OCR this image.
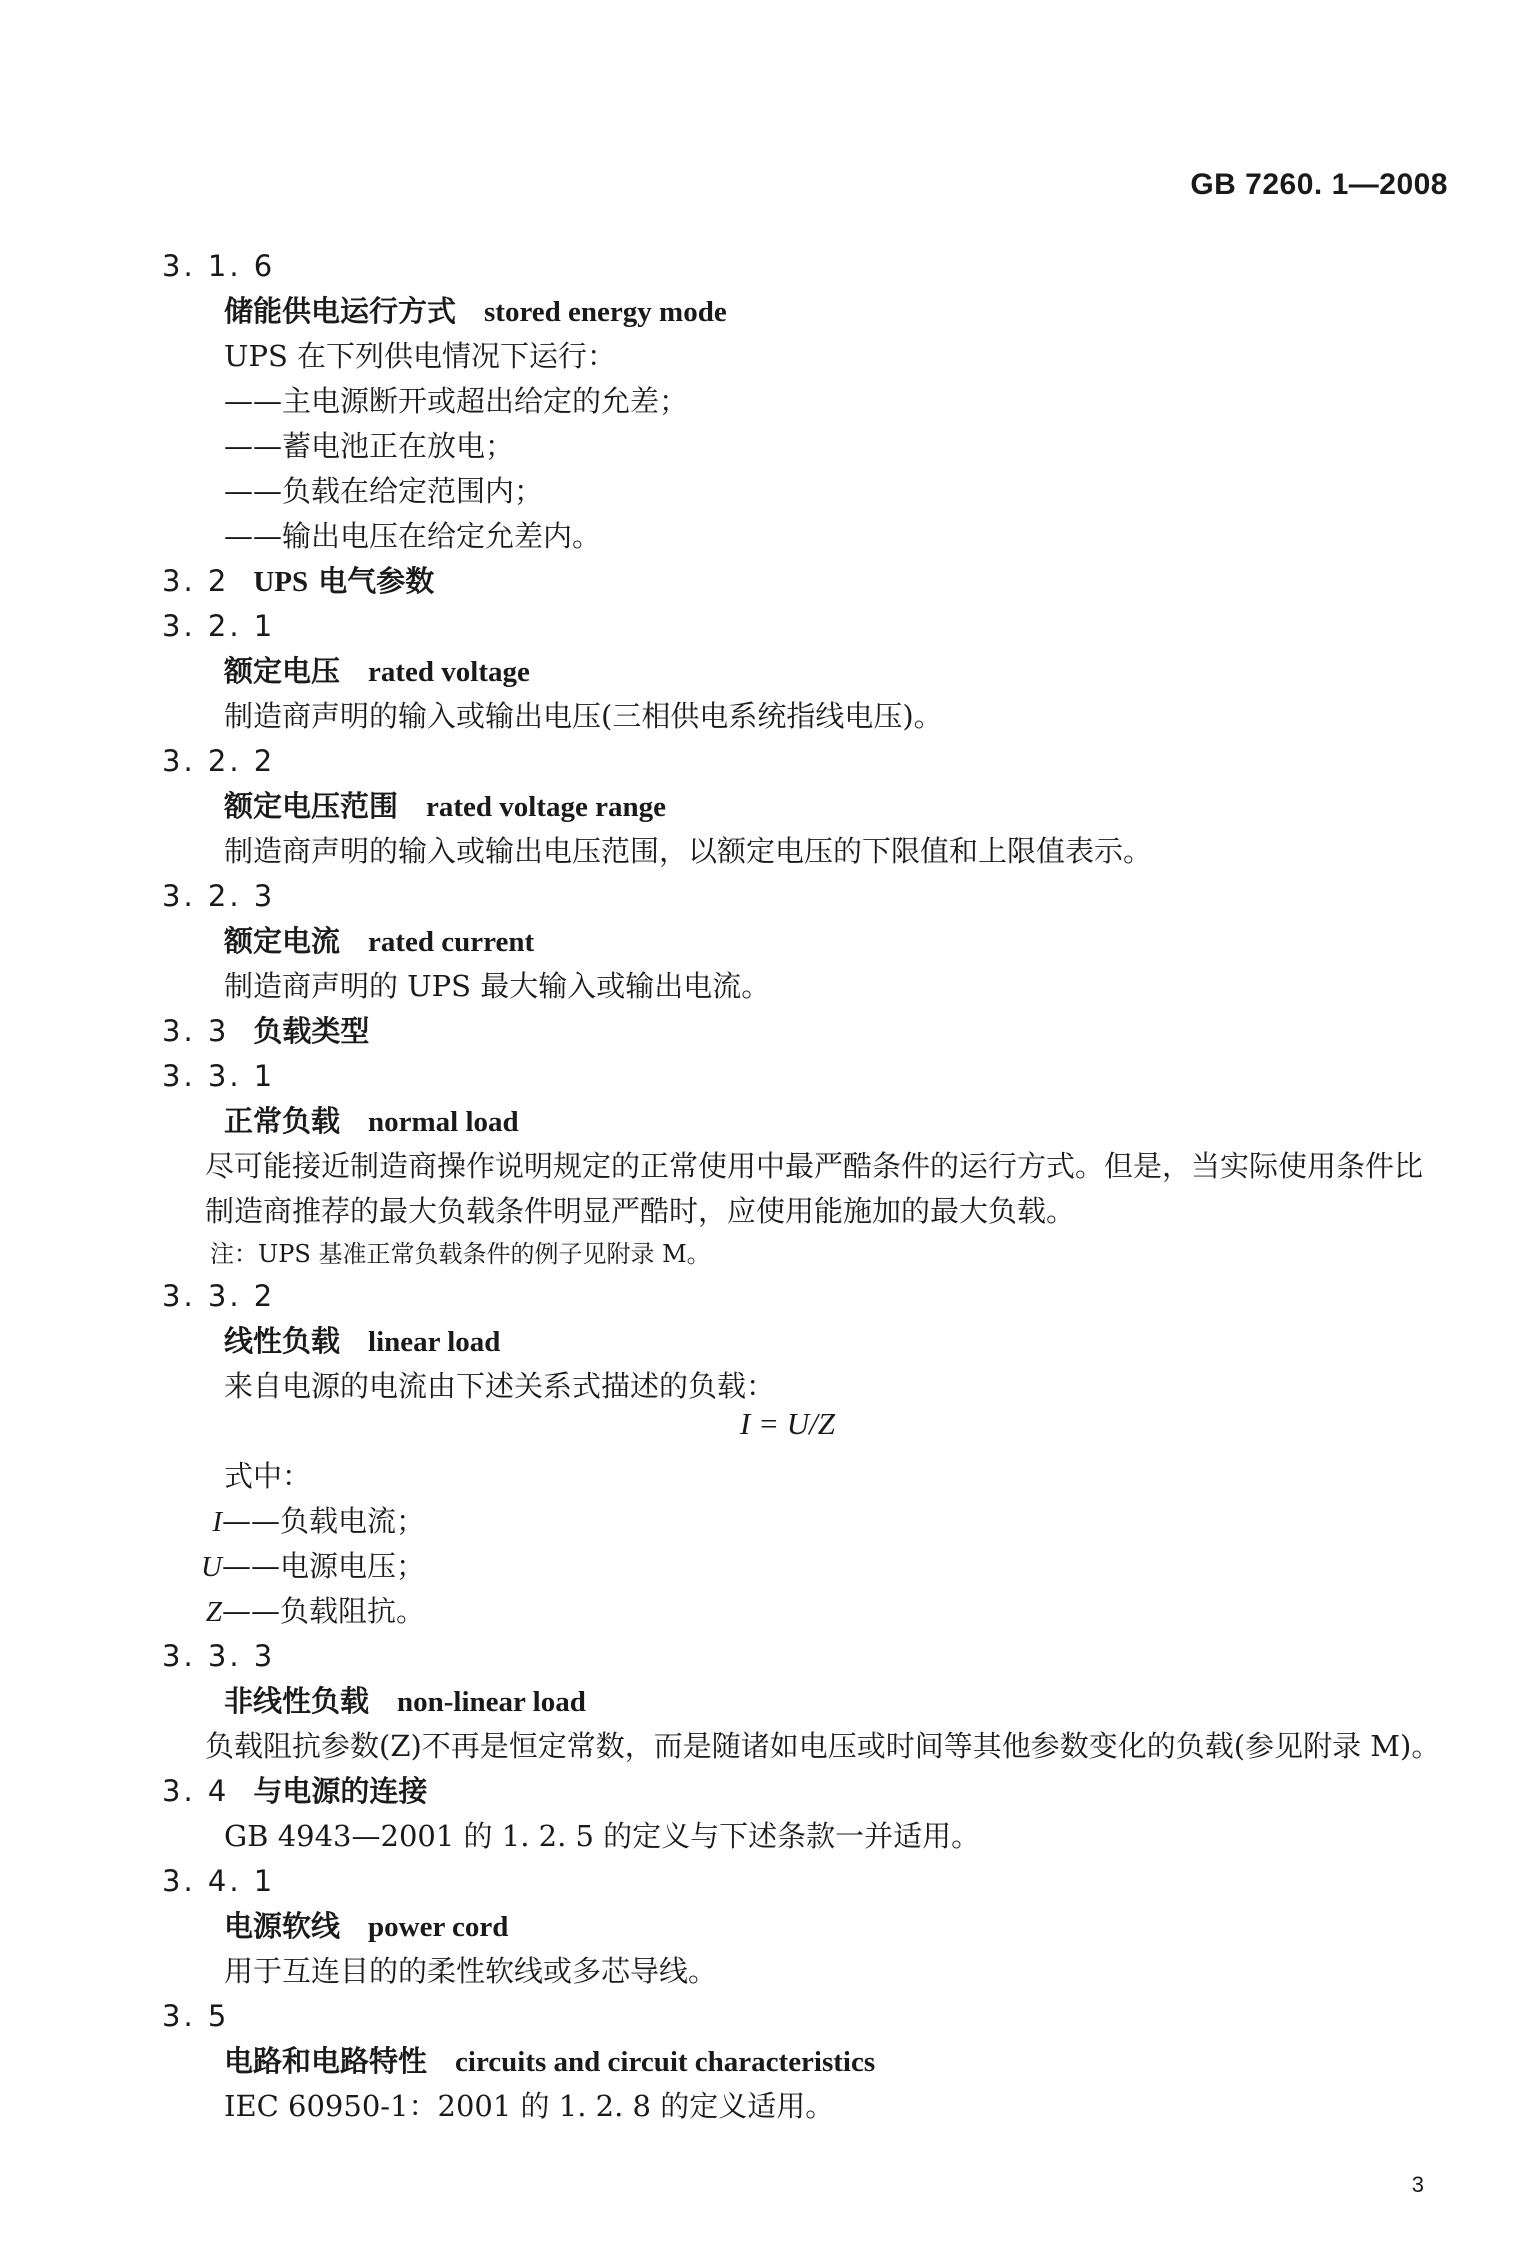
GB 7260. 1—2008
3. 1. 6
储能供电运行方式 stored energy mode
UPS 在下列供电情况下运行：
——主电源断开或超出给定的允差；
——蓄电池正在放电；
——负载在给定范围内；
——输出电压在给定允差内。
3. 2 UPS 电气参数
3. 2. 1
额定电压 rated voltage
制造商声明的输入或输出电压(三相供电系统指线电压)。
3. 2. 2
额定电压范围 rated voltage range
制造商声明的输入或输出电压范围，以额定电压的下限值和上限值表示。
3. 2. 3
额定电流 rated current
制造商声明的 UPS 最大输入或输出电流。
3. 3 负载类型
3. 3. 1
正常负载 normal load
尽可能接近制造商操作说明规定的正常使用中最严酷条件的运行方式。但是，当实际使用条件比
制造商推荐的最大负载条件明显严酷时，应使用能施加的最大负载。
注：UPS 基准正常负载条件的例子见附录 M。
3. 3. 2
线性负载 linear load
来自电源的电流由下述关系式描述的负载：
I = U/Z
式中：
I——负载电流；
U——电源电压；
Z——负载阻抗。
3. 3. 3
非线性负载 non-linear load
负载阻抗参数(Z)不再是恒定常数，而是随诸如电压或时间等其他参数变化的负载(参见附录 M)。
3. 4 与电源的连接
GB 4943—2001 的 1. 2. 5 的定义与下述条款一并适用。
3. 4. 1
电源软线 power cord
用于互连目的的柔性软线或多芯导线。
3. 5
电路和电路特性 circuits and circuit characteristics
IEC 60950-1：2001 的 1. 2. 8 的定义适用。
3
